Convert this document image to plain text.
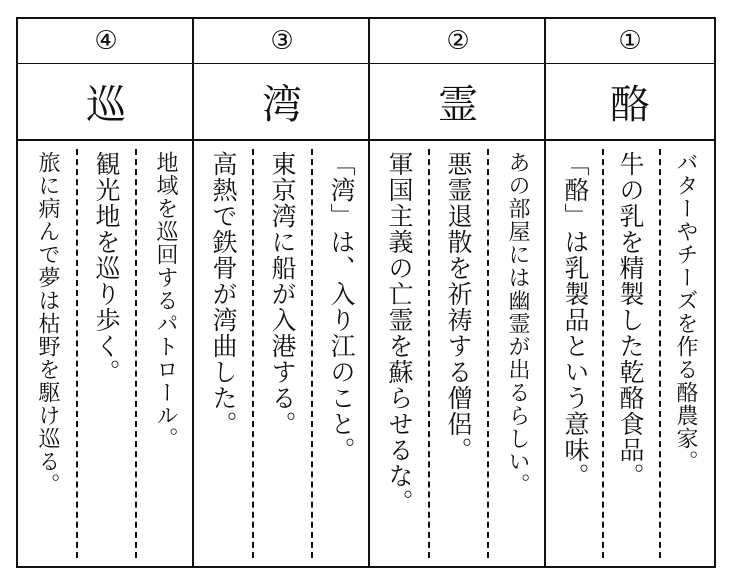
④
巡
旅に病んで夢は枯野を駆け巡る。	観光地を巡り歩く。	地域を巡回するパトロール。
③
湾
高熱で鉄骨が湾曲した。	東京湾に船が入港する。	「湾」は、入り江のこと。
②
霊
軍国主義の亡霊を蘇らせるな。	悪霊退散を祈祷する僧侶。	あの部屋には幽霊が出るらしい。
①
酪
「酪」は乳製品という意味。	牛の乳を精製した乾酪食品。	バターやチーズを作る酪農家。
